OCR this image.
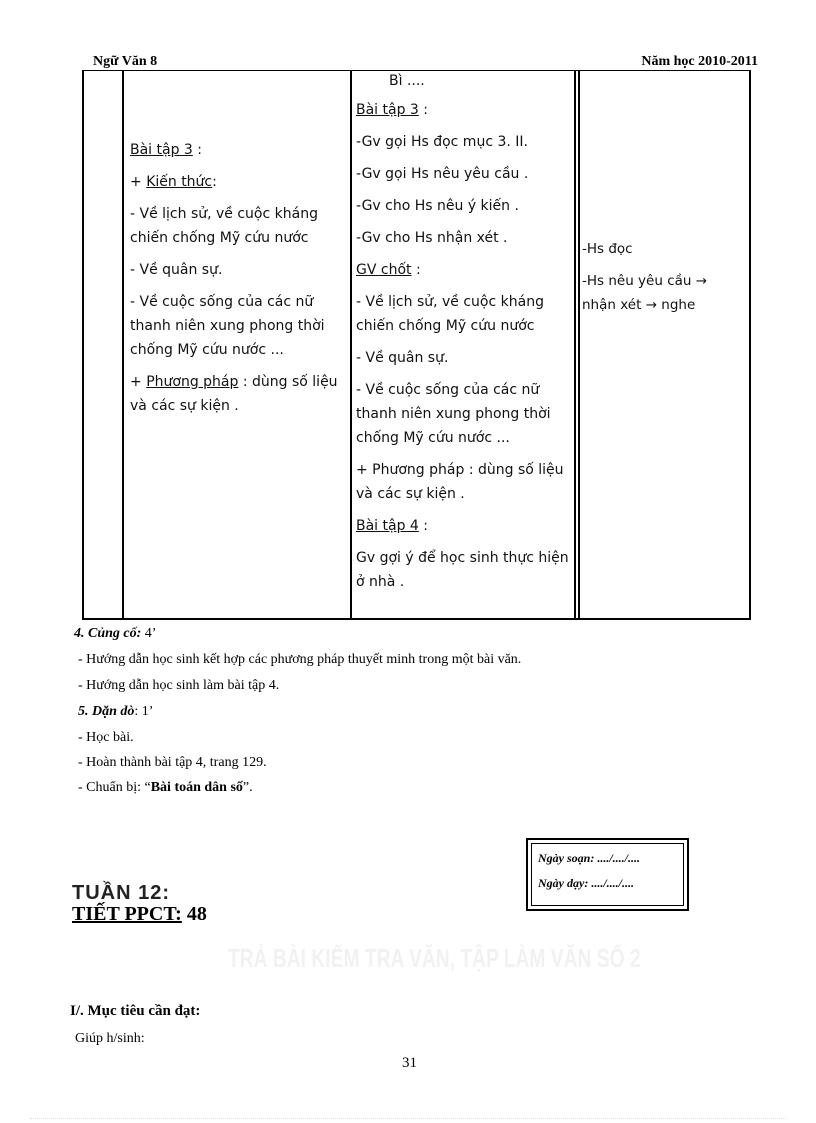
Ngữ Văn 8	Năm học 2010-2011

Bài tập 3 :

+ Kiến thức:

- Về lịch sử, về cuộc kháng chiến chống Mỹ cứu nước

- Về quân sự.

- Về cuộc sống của các nữ thanh niên xung phong thời chống Mỹ cứu nước ...

+ Phương pháp : dùng số liệu và các sự kiện .

Bì ....

Bài tập 3 :

-Gv gọi Hs đọc mục 3. II.

-Gv gọi Hs nêu yêu cầu .

-Gv cho Hs nêu ý kiến .

-Gv cho Hs nhận xét .

GV chốt :

- Về lịch sử, về cuộc kháng chiến chống Mỹ cứu nước

- Về quân sự.

- Về cuộc sống của các nữ thanh niên xung phong thời chống Mỹ cứu nước ...

+ Phương pháp : dùng số liệu và các sự kiện .

Bài tập 4 :

Gv gợi ý để học sinh thực hiện ở nhà .

-Hs đọc

-Hs nêu yêu cầu → nhận xét → nghe

4. Củng cố: 4’
- Hướng dẫn học sinh kết hợp các phương pháp thuyết minh trong một bài văn.
- Hướng dẫn học sinh làm bài tập 4.
5. Dặn dò: 1’
- Học bài.
- Hoàn thành bài tập 4, trang 129.
- Chuẩn bị: “Bài toán dân số”.
Ngày soạn: ..../..../....
Ngày dạy: ..../..../....
TUẦN 12:
TIẾT PPCT: 48
TRẢ BÀI KIỂM TRA VĂN, TẬP LÀM VĂN SỐ 2
I/. Mục tiêu cần đạt:
Giúp h/sinh:
31
